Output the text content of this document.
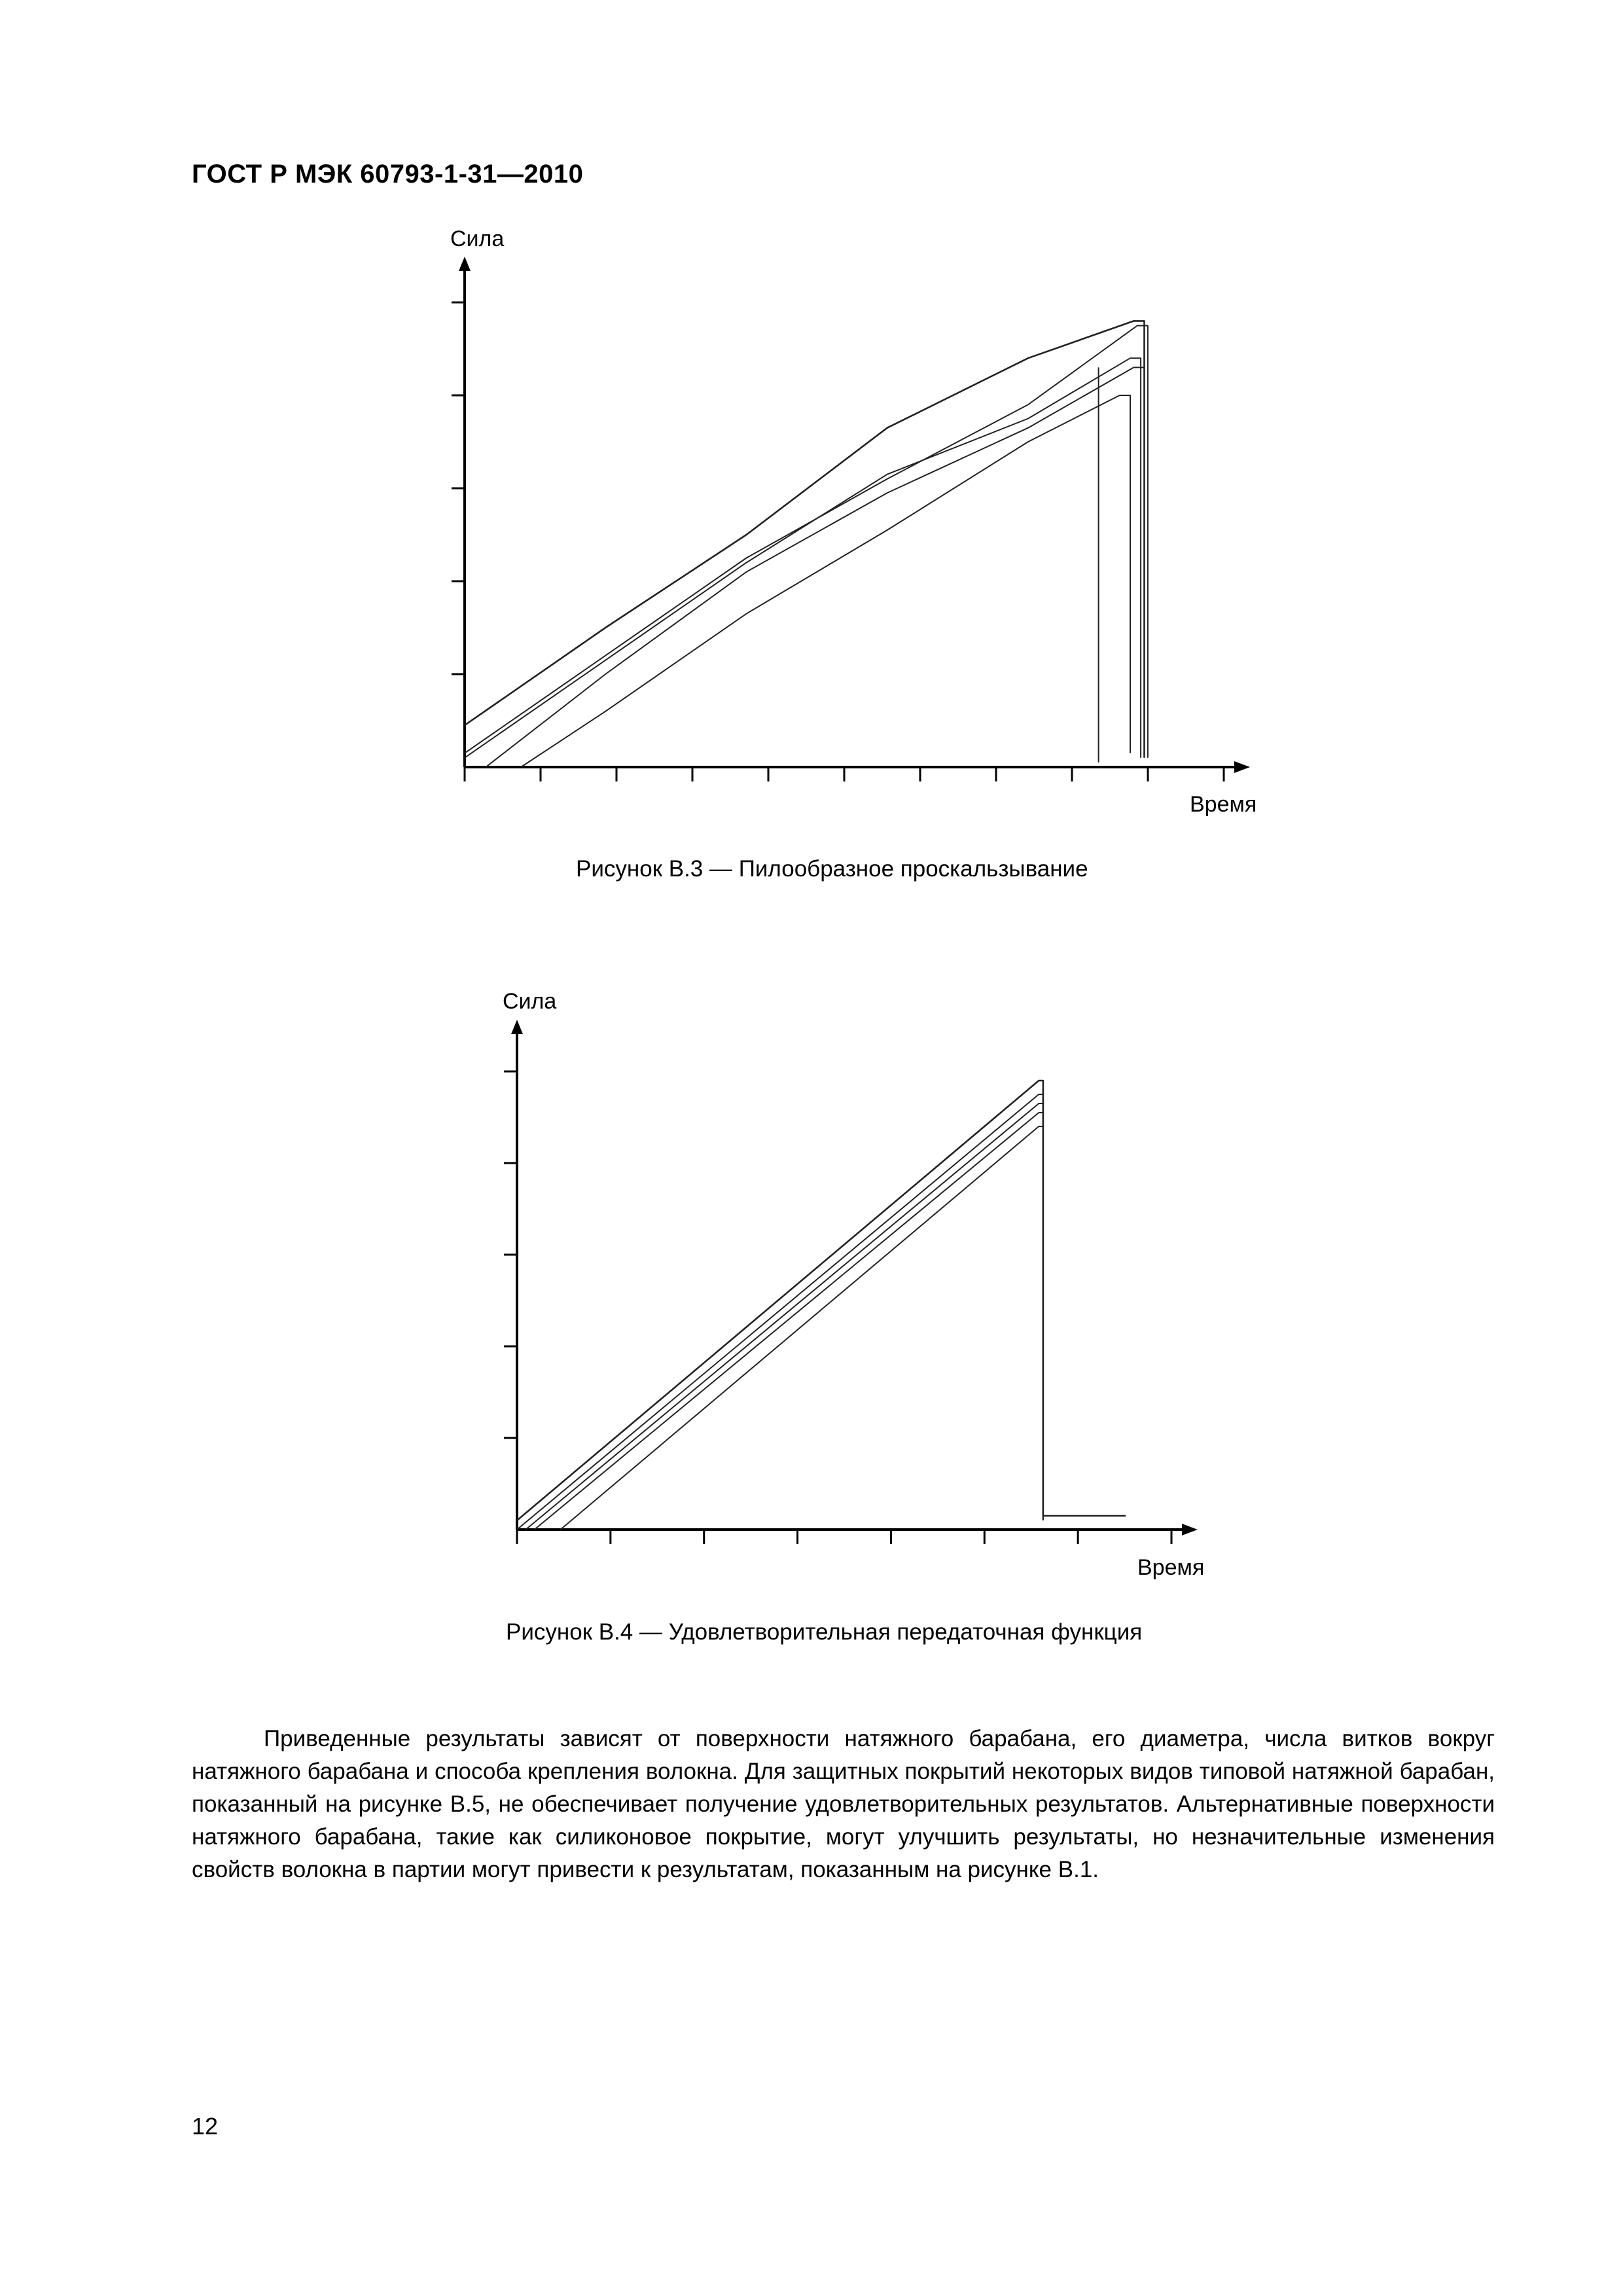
ГОСТ Р МЭК 60793-1-31—2010
Сила
Время
Рисунок В.3 — Пилообразное проскальзывание
Сила
Время
Рисунок В.4 — Удовлетворительная передаточная функция

Приведенные результаты зависят от поверхности натяжного барабана, его диаметра, числа витков вокруг натяжного барабана и способа крепления волокна. Для защитных покрытий некоторых видов типовой натяжной барабан, показанный на рисунке В.5, не обеспечивает получение удовлетворительных результатов. Альтернативные поверхности натяжного барабана, такие как силиконовое покрытие, могут улучшить результаты, но незначительные изменения свойств волокна в партии могут привести к результатам, показанным на рисунке В.1.

12
